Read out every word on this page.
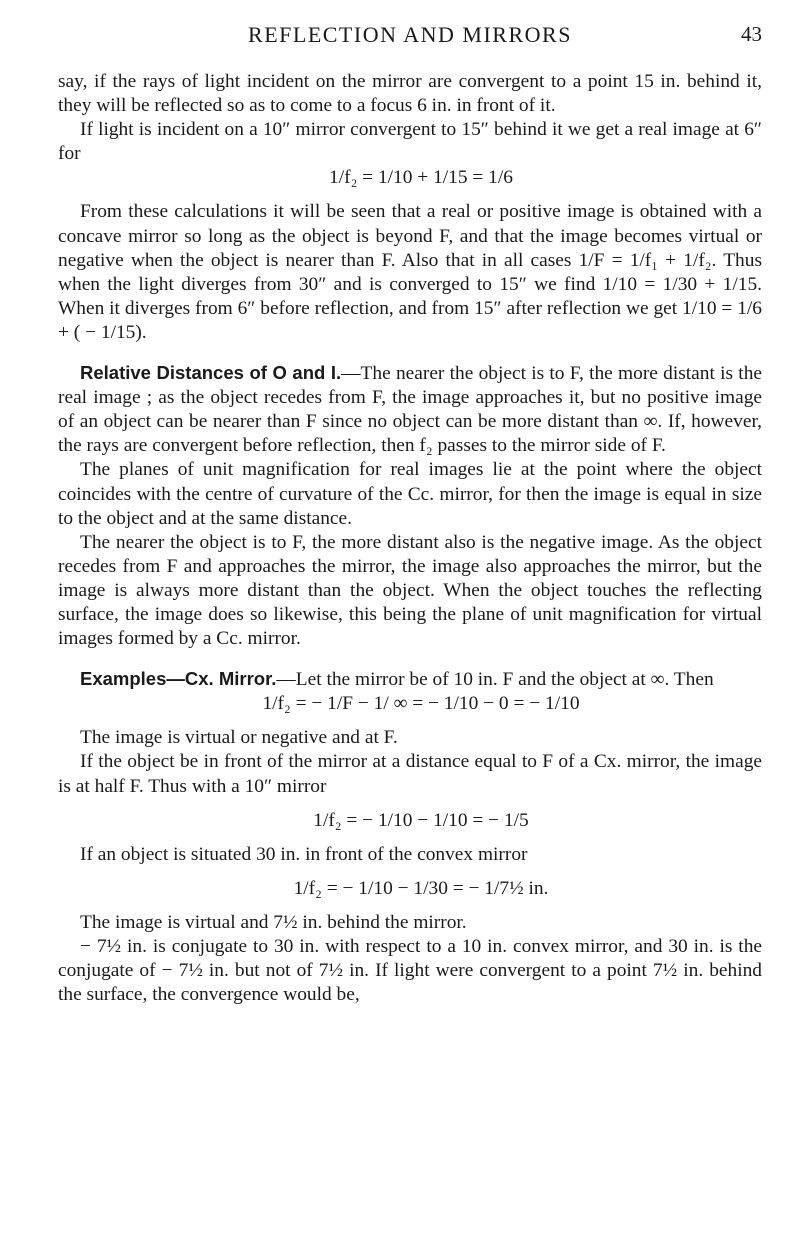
REFLECTION AND MIRRORS	43

say, if the rays of light incident on the mirror are convergent to a point 15 in. behind it, they will be reflected so as to come to a focus 6 in. in front of it.

If light is incident on a 10″ mirror convergent to 15″ behind it we get a real image at 6″ for

1/f₂ = 1/10 + 1/15 = 1/6

From these calculations it will be seen that a real or positive image is obtained with a concave mirror so long as the object is beyond F, and that the image becomes virtual or negative when the object is nearer than F. Also that in all cases 1/F = 1/f₁ + 1/f₂. Thus when the light diverges from 30″ and is converged to 15″ we find 1/10 = 1/30 + 1/15. When it diverges from 6″ before reflection, and from 15″ after reflection we get 1/10 = 1/6 + ( − 1/15).

Relative Distances of O and I.—The nearer the object is to F, the more distant is the real image ; as the object recedes from F, the image approaches it, but no positive image of an object can be nearer than F since no object can be more distant than ∞. If, however, the rays are convergent before reflection, then f₂ passes to the mirror side of F.

The planes of unit magnification for real images lie at the point where the object coincides with the centre of curvature of the Cc. mirror, for then the image is equal in size to the object and at the same distance.

The nearer the object is to F, the more distant also is the negative image. As the object recedes from F and approaches the mirror, the image also approaches the mirror, but the image is always more distant than the object. When the object touches the reflecting surface, the image does so likewise, this being the plane of unit magnification for virtual images formed by a Cc. mirror.

Examples—Cx. Mirror.—Let the mirror be of 10 in. F and the object at ∞. Then

1/f₂ = − 1/F − 1/ ∞ = − 1/10 − 0 = − 1/10

The image is virtual or negative and at F.

If the object be in front of the mirror at a distance equal to F of a Cx. mirror, the image is at half F. Thus with a 10″ mirror

1/f₂ = − 1/10 − 1/10 = − 1/5

If an object is situated 30 in. in front of the convex mirror

1/f₂ = − 1/10 − 1/30 = − 1/7½ in.

The image is virtual and 7½ in. behind the mirror.

− 7½ in. is conjugate to 30 in. with respect to a 10 in. convex mirror, and 30 in. is the conjugate of − 7½ in. but not of 7½ in. If light were convergent to a point 7½ in. behind the surface, the convergence would be,
